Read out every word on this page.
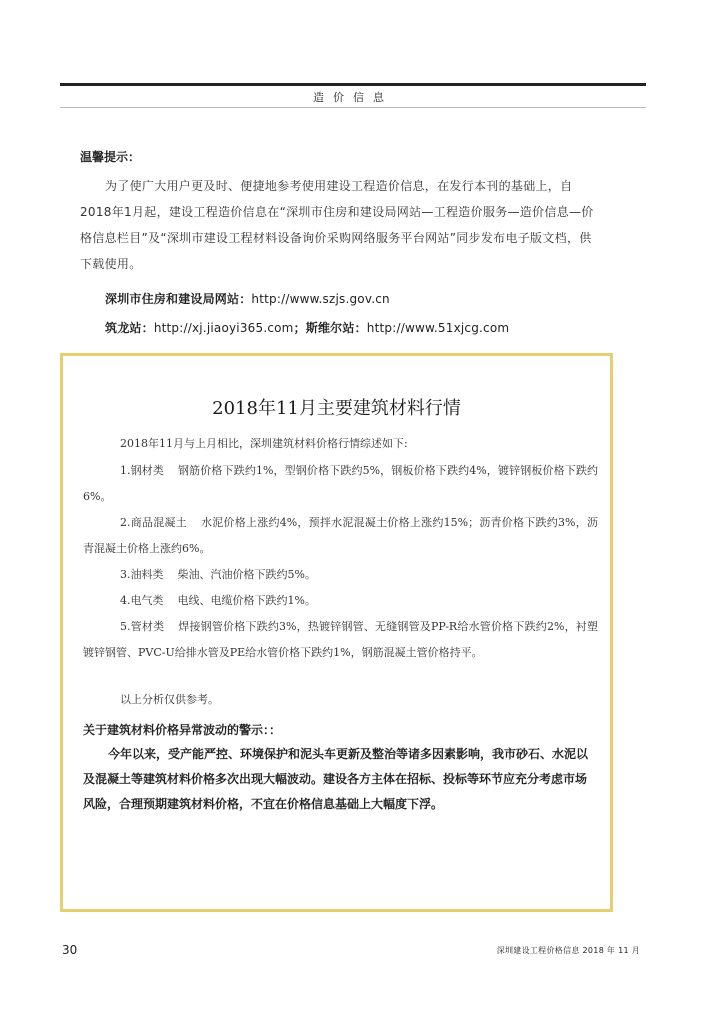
造价信息
温馨提示：
为了使广大用户更及时、便捷地参考使用建设工程造价信息，在发行本刊的基础上，自2018年1月起，建设工程造价信息在“深圳市住房和建设局网站—工程造价服务—造价信息—价格信息栏目”及“深圳市建设工程材料设备询价采购网络服务平台网站”同步发布电子版文档，供下载使用。
深圳市住房和建设局网站：http://www.szjs.gov.cn
筑龙站：http://xj.jiaoyi365.com；斯维尔站：http://www.51xjcg.com
2018年11月主要建筑材料行情
2018年11月与上月相比，深圳建筑材料价格行情综述如下:
1.钢材类 钢筋价格下跌约1%，型钢价格下跌约5%，钢板价格下跌约4%，镀锌钢板价格下跌约6%。
2.商品混凝土 水泥价格上涨约4%，预拌水泥混凝土价格上涨约15%；沥青价格下跌约3%，沥青混凝土价格上涨约6%。
3.油料类 柴油、汽油价格下跌约5%。
4.电气类 电线、电缆价格下跌约1%。
5.管材类 焊接钢管价格下跌约3%，热镀锌钢管、无缝钢管及PP-R给水管价格下跌约2%，衬塑镀锌钢管、PVC-U给排水管及PE给水管价格下跌约1%，钢筋混凝土管价格持平。
以上分析仅供参考。
关于建筑材料价格异常波动的警示：：
今年以来，受产能严控、环境保护和泥头车更新及整治等诸多因素影响，我市砂石、水泥以及混凝土等建筑材料价格多次出现大幅波动。建设各方主体在招标、投标等环节应充分考虑市场风险，合理预期建筑材料价格，不宜在价格信息基础上大幅度下浮。
30	深圳建设工程价格信息 2018 年 11 月
